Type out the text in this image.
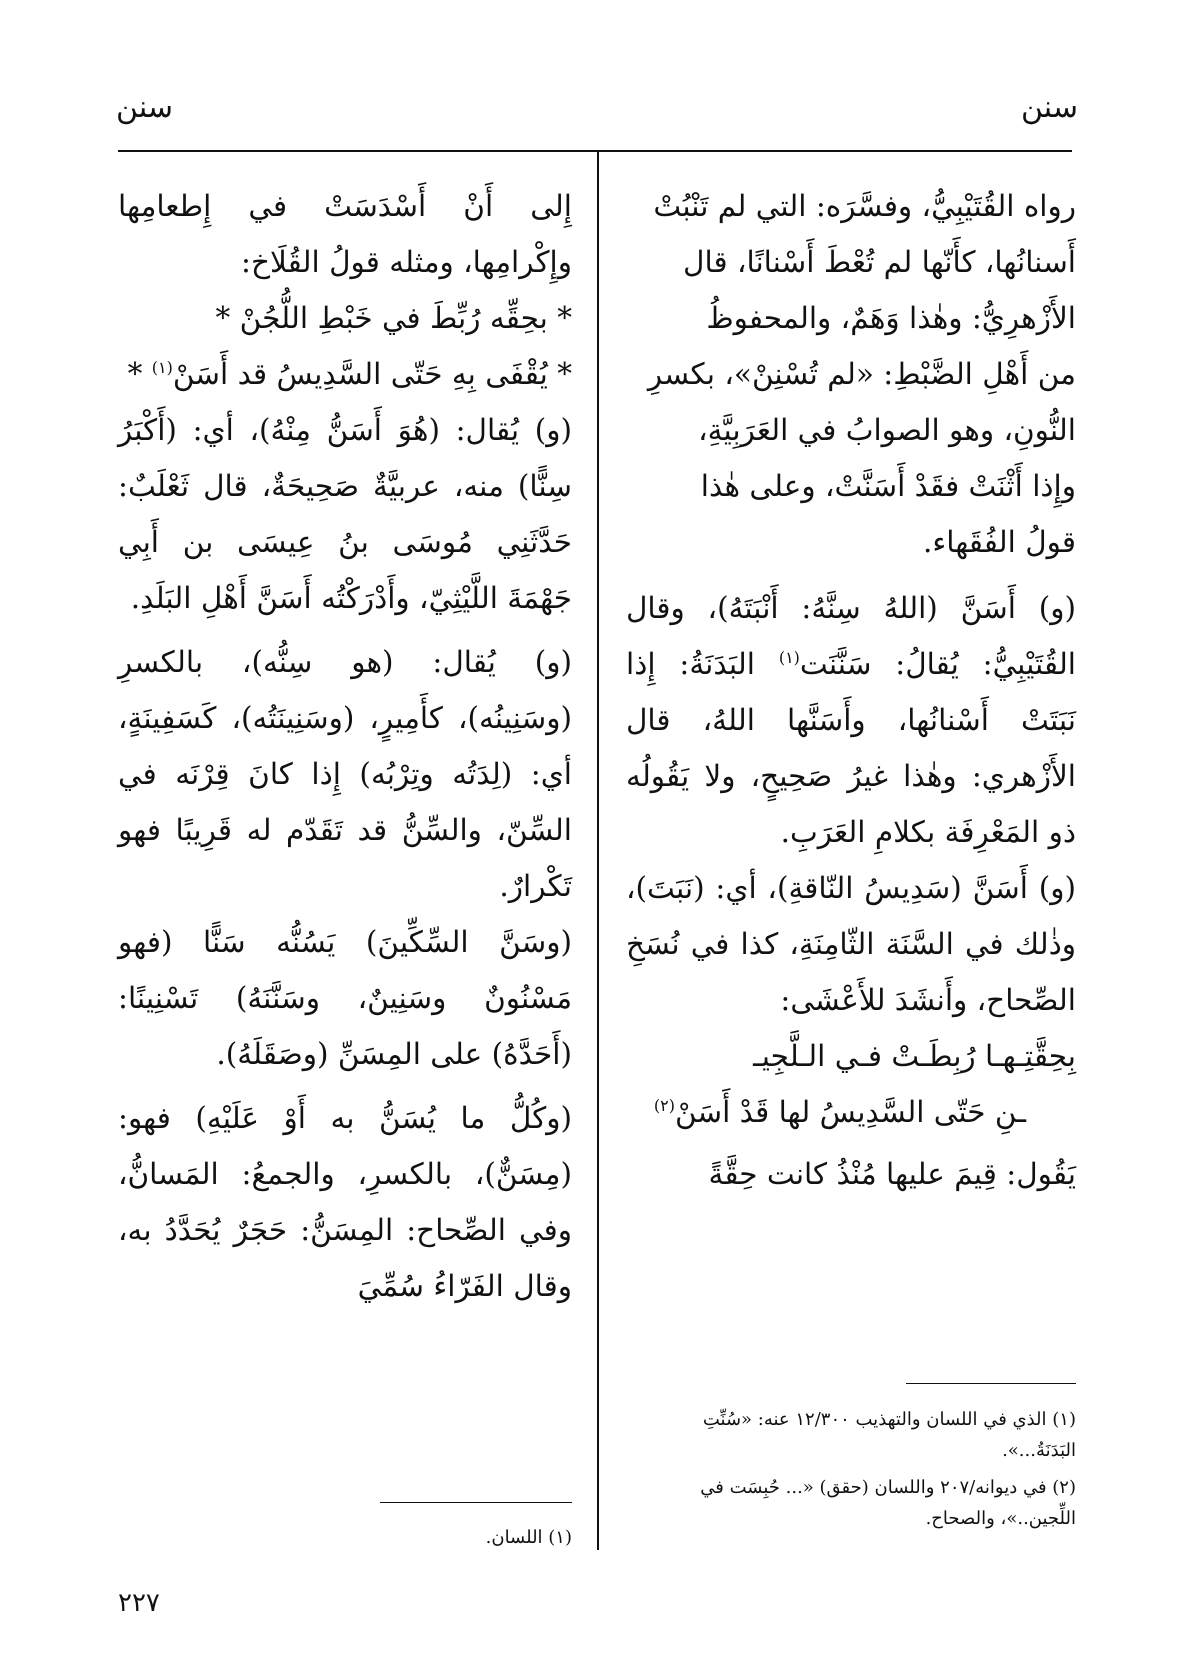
سنن
سنن

رواه القُتَيْبِيُّ، وفسَّرَه: التي لم تَنْبُتْ

أَسنانُها، كأَنّها لم تُعْطَ أَسْنانًا، قال

الأَزْهرِيُّ: وهٰذا وَهَمٌ، والمحفوظُ

من أَهْلِ الضَّبْطِ: «لم تُسْنِنْ»، بكسرِ

النُّونِ، وهو الصوابُ في العَرَبِيَّةِ،

وإِذا أَثْنَتْ فقَدْ أَسَنَّتْ، وعلى هٰذا

قولُ الفُقَهاء.

(و) أَسَنَّ (اللهُ سِنَّهُ: أَنْبَتَهُ)، وقال القُتَيْبِيُّ: يُقالُ: سَنَّنَت$^{(١)}$ البَدَنَةُ: إِذا نَبَتَتْ أَسْنانُها، وأَسَنَّها اللهُ، قال الأَزْهري: وهٰذا غيرُ صَحِيحٍ، ولا يَقُولُه ذو المَعْرِفَة بكلامِ العَرَبِ.

(و) أَسَنَّ (سَدِيسُ النّاقةِ)، أي: (نَبَتَ)، وذٰلك في السَّنَة الثّامِنَةِ، كذا في نُسَخِ الصِّحاح، وأَنشَدَ للأَعْشَى:

بِحِقَّتِـهـا رُبِطَـتْ فـي الـلَّجِيـ

ـنِ حَتّى السَّدِيسُ لها قَدْ أَسَنْ$^{(٢)}$

يَقُول: قِيمَ عليها مُنْذُ كانت حِقَّةً

إِلى أَنْ أَسْدَسَتْ في إِطعامِها وإِكْرامِها، ومثله قولُ القُلَاخ:

* بحِقِّه رُبِّطَ في خَبْطِ اللُّجُنْ *

* يُقْفَى بِهِ حَتّى السَّدِيسُ قد أَسَنْ$^{(١)}$ *

(و) يُقال: (هُوَ أَسَنُّ مِنْهُ)، أي: (أَكْبَرُ سِنًّا) منه، عربيَّةٌ صَحِيحَةٌ، قال ثَعْلَبٌ: حَدَّثَنِي مُوسَى بنُ عِيسَى بن أَبِي جَهْمَةَ اللَّيْثِيّ، وأَدْرَكْتُه أَسَنَّ أَهْلِ البَلَدِ.

(و) يُقال: (هو سِنُّه)، بالكسرِ (وسَنِينُه)، كأَمِيرٍ، (وسَنِينَتُه)، كَسَفِينَةٍ، أي: (لِدَتُه وتِرْبُه) إِذا كانَ قِرْنَه في السِّنّ، والسِّنُّ قد تَقَدّم له قَرِيبًا فهو تَكْرارٌ.

(وسَنَّ السِّكِّينَ) يَسُنُّه سَنًّا (فهو مَسْنُونٌ وسَنِينٌ، وسَنَّنَهُ) تَسْنِينًا: (أَحَدَّهُ) على المِسَنِّ (وصَقَلَهُ).

(وكُلُّ ما يُسَنُّ به أَوْ عَلَيْهِ) فهو: (مِسَنٌّ)، بالكسرِ، والجمعُ: المَسانُّ، وفي الصِّحاح: المِسَنُّ: حَجَرٌ يُحَدَّدُ به، وقال الفَرّاءُ سُمِّيَ

(١) الذي في اللسان والتهذيب ١٢/٣٠٠ عنه: «سُنِّتِ البَدَنَةُ...».

(٢) في ديوانه/٢٠٧ واللسان (حقق) «... حُبِسَت في اللِّجين..»، والصحاح.

(١) اللسان.

٢٢٧
